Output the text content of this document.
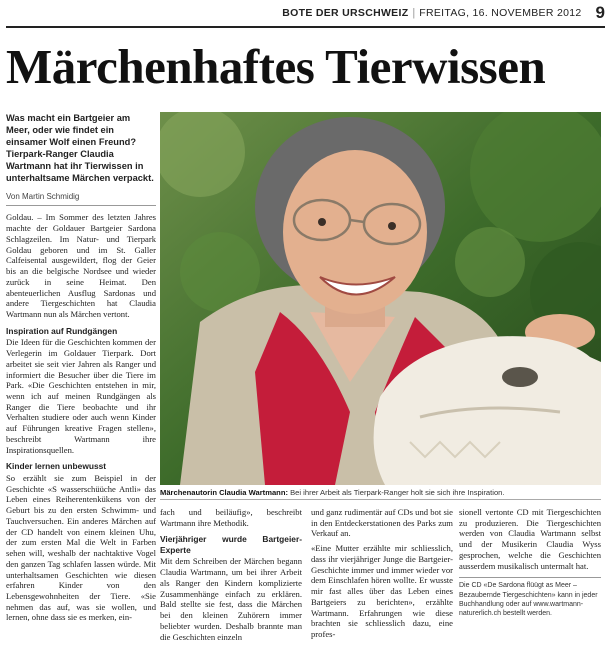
BOTE DER URSCHWEIZ | FREITAG, 16. NOVEMBER 2012 9
Märchenhaftes Tierwissen

Was macht ein Bartgeier am Meer, oder wie findet ein einsamer Wolf einen Freund? Tierpark-Ranger Claudia Wartmann hat ihr Tierwissen in unterhaltsame Märchen verpackt.

Von Martin Schmidig

Goldau. – Im Sommer des letzten Jahres machte der Goldauer Bartgeier Sardona Schlagzeilen. Im Natur- und Tierpark Goldau geboren und im St. Galler Calfeisental ausgewildert, flog der Geier bis an die belgische Nordsee und wieder zurück in seine Heimat. Den abenteuerlichen Ausflug Sardonas und andere Tiergeschichten hat Claudia Wartmann nun als Märchen vertont.

Inspiration auf Rundgängen

Die Ideen für die Geschichten kommen der Verlegerin im Goldauer Tierpark. Dort arbeitet sie seit vier Jahren als Ranger und informiert die Besucher über die Tiere im Park. «Die Geschichten entstehen in mir, wenn ich auf meinen Rundgängen als Ranger die Tiere beobachte und ihr Verhalten studiere oder auch wenn Kinder auf Führungen kreative Fragen stellen», beschreibt Wartmann ihre Inspirationsquellen.

Kinder lernen unbewusst

So erzählt sie zum Beispiel in der Geschichte «S wasserschüüche Antli» das Leben eines Reiherentenkükens von der Geburt bis zu den ersten Schwimm- und Tauchversuchen. Ein anderes Märchen auf der CD handelt von einem kleinen Uhu, der zum ersten Mal die Welt in Farben sehen will, weshalb der nachtaktive Vogel den ganzen Tag schlafen lassen würde. Mit unterhaltsamen Geschichten wie diesen erfahren Kinder von den Lebensgewohnheiten der Tiere. «Sie nehmen das auf, was sie wollen, und lernen, ohne dass sie es merken, ein-

Märchenautorin Claudia Wartmann: Bei ihrer Arbeit als Tierpark-Ranger holt sie sich ihre Inspiration.

fach und beiläufig», beschreibt Wartmann ihre Methodik.

Vierjähriger wurde Bartgeier-Experte

Mit dem Schreiben der Märchen begann Claudia Wartmann, um bei ihrer Arbeit als Ranger den Kindern komplizierte Zusammenhänge einfach zu erklären. Bald stellte sie fest, dass die Märchen bei den kleinen Zuhörern immer beliebter wurden. Deshalb brannte man die Geschichten einzeln

und ganz rudimentär auf CDs und bot sie in den Entdeckerstationen des Parks zum Verkauf an.

«Eine Mutter erzählte mir schliesslich, dass ihr vierjähriger Junge die Bartgeier-Geschichte immer und immer wieder vor dem Einschlafen hören wollte. Er wusste mir fast alles über das Leben eines Bartgeiers zu berichten», erzählte Wartmann. Erfahrungen wie diese brachten sie schliesslich dazu, eine profes-

sionell vertonte CD mit Tiergeschichten zu produzieren. Die Tiergeschichten werden von Claudia Wartmann selbst und der Musikerin Claudia Wyss gesprochen, welche die Geschichten ausserdem musikalisch untermalt hat.

Die CD «De Sardona flüügt as Meer – Bezaubernde Tiergeschichten» kann in jeder Buchhandlung oder auf www.wartmann-naturerlich.ch bestellt werden.
